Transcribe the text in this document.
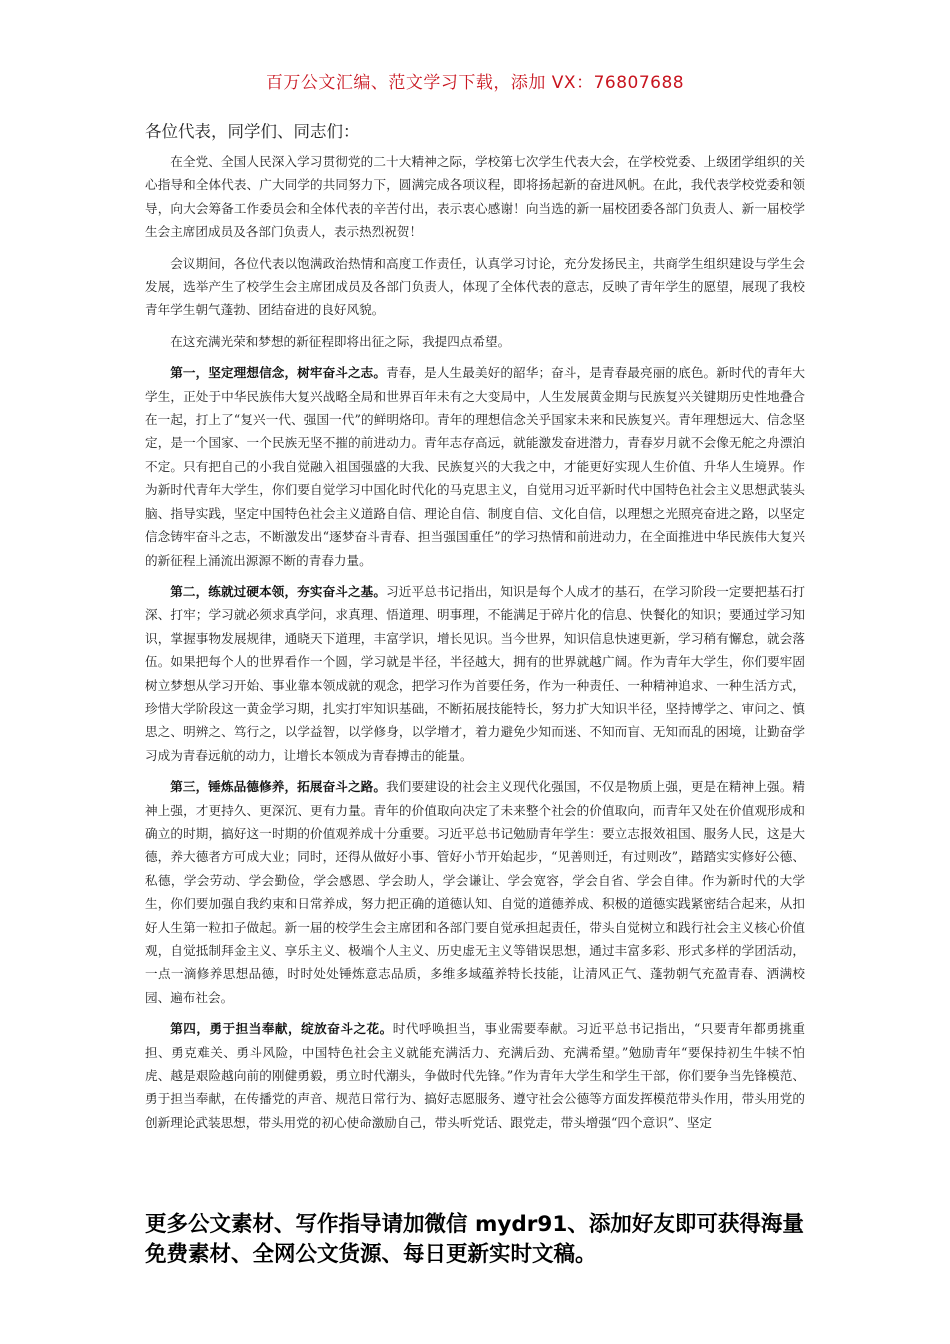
百万公文汇编、范文学习下载，添加 VX：76807688
各位代表，同学们、同志们：

在全党、全国人民深入学习贯彻党的二十大精神之际，学校第七次学生代表大会，在学校党委、上级团学组织的关心指导和全体代表、广大同学的共同努力下，圆满完成各项议程，即将扬起新的奋进风帆。在此，我代表学校党委和领导，向大会筹备工作委员会和全体代表的辛苦付出，表示衷心感谢！向当选的新一届校团委各部门负责人、新一届校学生会主席团成员及各部门负责人，表示热烈祝贺！

会议期间，各位代表以饱满政治热情和高度工作责任，认真学习讨论，充分发扬民主，共商学生组织建设与学生会发展，选举产生了校学生会主席团成员及各部门负责人，体现了全体代表的意志，反映了青年学生的愿望，展现了我校青年学生朝气蓬勃、团结奋进的良好风貌。

在这充满光荣和梦想的新征程即将出征之际，我提四点希望。

第一，坚定理想信念，树牢奋斗之志。青春，是人生最美好的韶华；奋斗，是青春最亮丽的底色。新时代的青年大学生，正处于中华民族伟大复兴战略全局和世界百年未有之大变局中，人生发展黄金期与民族复兴关键期历史性地叠合在一起，打上了“复兴一代、强国一代”的鲜明烙印。青年的理想信念关乎国家未来和民族复兴。青年理想远大、信念坚定，是一个国家、一个民族无坚不摧的前进动力。青年志存高远，就能激发奋进潜力，青春岁月就不会像无舵之舟漂泊不定。只有把自己的小我自觉融入祖国强盛的大我、民族复兴的大我之中，才能更好实现人生价值、升华人生境界。作为新时代青年大学生，你们要自觉学习中国化时代化的马克思主义，自觉用习近平新时代中国特色社会主义思想武装头脑、指导实践，坚定中国特色社会主义道路自信、理论自信、制度自信、文化自信，以理想之光照亮奋进之路，以坚定信念铸牢奋斗之志，不断激发出“逐梦奋斗青春、担当强国重任”的学习热情和前进动力，在全面推进中华民族伟大复兴的新征程上涌流出源源不断的青春力量。

第二，练就过硬本领，夯实奋斗之基。习近平总书记指出，知识是每个人成才的基石，在学习阶段一定要把基石打深、打牢；学习就必须求真学问，求真理、悟道理、明事理，不能满足于碎片化的信息、快餐化的知识；要通过学习知识，掌握事物发展规律，通晓天下道理，丰富学识，增长见识。当今世界，知识信息快速更新，学习稍有懈怠，就会落伍。如果把每个人的世界看作一个圆，学习就是半径，半径越大，拥有的世界就越广阔。作为青年大学生，你们要牢固树立梦想从学习开始、事业靠本领成就的观念，把学习作为首要任务，作为一种责任、一种精神追求、一种生活方式，珍惜大学阶段这一黄金学习期，扎实打牢知识基础，不断拓展技能特长，努力扩大知识半径，坚持博学之、审问之、慎思之、明辨之、笃行之，以学益智，以学修身，以学增才，着力避免少知而迷、不知而盲、无知而乱的困境，让勤奋学习成为青春远航的动力，让增长本领成为青春搏击的能量。

第三，锤炼品德修养，拓展奋斗之路。我们要建设的社会主义现代化强国，不仅是物质上强，更是在精神上强。精神上强，才更持久、更深沉、更有力量。青年的价值取向决定了未来整个社会的价值取向，而青年又处在价值观形成和确立的时期，搞好这一时期的价值观养成十分重要。习近平总书记勉励青年学生：要立志报效祖国、服务人民，这是大德，养大德者方可成大业；同时，还得从做好小事、管好小节开始起步，“见善则迁，有过则改”，踏踏实实修好公德、私德，学会劳动、学会勤俭，学会感恩、学会助人，学会谦让、学会宽容，学会自省、学会自律。作为新时代的大学生，你们要加强自我约束和日常养成，努力把正确的道德认知、自觉的道德养成、积极的道德实践紧密结合起来，从扣好人生第一粒扣子做起。新一届的校学生会主席团和各部门要自觉承担起责任，带头自觉树立和践行社会主义核心价值观，自觉抵制拜金主义、享乐主义、极端个人主义、历史虚无主义等错误思想，通过丰富多彩、形式多样的学团活动，一点一滴修养思想品德，时时处处锤炼意志品质，多维多域蕴养特长技能，让清风正气、蓬勃朝气充盈青春、洒满校园、遍布社会。

第四，勇于担当奉献，绽放奋斗之花。时代呼唤担当，事业需要奉献。习近平总书记指出，“只要青年都勇挑重担、勇克难关、勇斗风险，中国特色社会主义就能充满活力、充满后劲、充满希望。”勉励青年“要保持初生牛犊不怕虎、越是艰险越向前的刚健勇毅，勇立时代潮头，争做时代先锋。”作为青年大学生和学生干部，你们要争当先锋模范、勇于担当奉献，在传播党的声音、规范日常行为、搞好志愿服务、遵守社会公德等方面发挥模范带头作用，带头用党的创新理论武装思想，带头用党的初心使命激励自己，带头听党话、跟党走，带头增强“四个意识”、坚定

更多公文素材、写作指导请加微信 mydr91、添加好友即可获得海量免费素材、全网公文货源、每日更新实时文稿。
